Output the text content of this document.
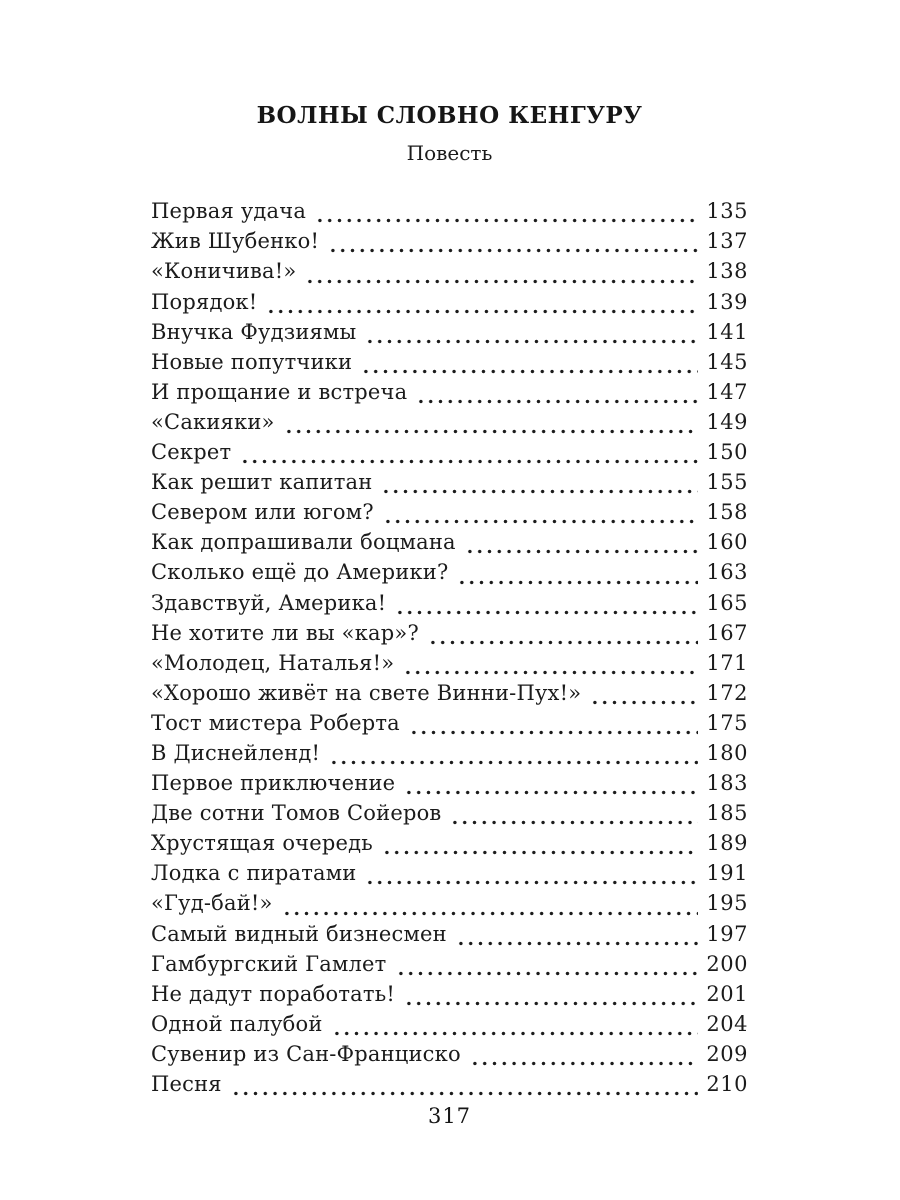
ВОЛНЫ СЛОВНО КЕНГУРУ
Повесть
Первая удача	135
Жив Шубенко!	137
«Коничива!»	138
Порядок!	139
Внучка Фудзиямы	141
Новые попутчики	145
И прощание и встреча	147
«Сакияки»	149
Секрет	150
Как решит капитан	155
Севером или югом?	158
Как допрашивали боцмана	160
Сколько ещё до Америки?	163
Здавствуй, Америка!	165
Не хотите ли вы «кар»?	167
«Молодец, Наталья!»	171
«Хорошо живёт на свете Винни-Пух!»	172
Тост мистера Роберта	175
В Диснейленд!	180
Первое приключение	183
Две сотни Томов Сойеров	185
Хрустящая очередь	189
Лодка с пиратами	191
«Гуд-бай!»	195
Самый видный бизнесмен	197
Гамбургский Гамлет	200
Не дадут поработать!	201
Одной палубой	204
Сувенир из Сан-Франциско	209
Песня	210
317
